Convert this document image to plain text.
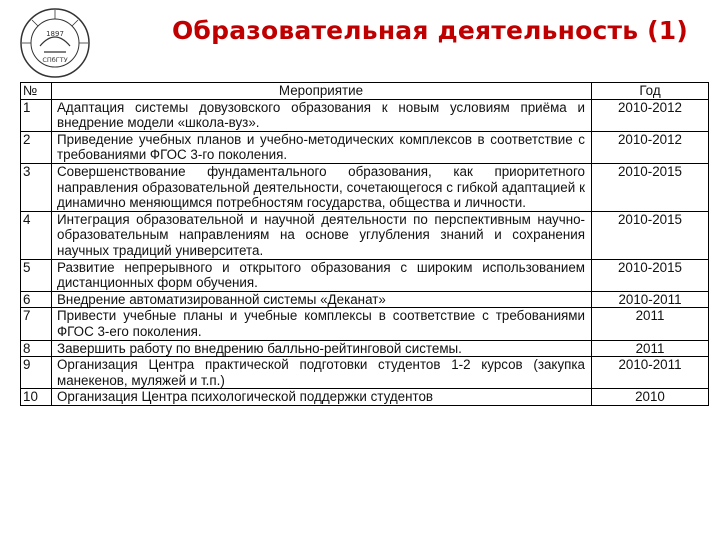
1897
СПбГТУ
Образовательная деятельность (1)
№	Мероприятие	Год
1	Адаптация системы довузовского образования к новым условиям приёма и внедрение модели «школа-вуз».	2010-2012
2	Приведение учебных планов и учебно-методических комплексов в соответствие с требованиями ФГОС 3-го поколения.	2010-2012
3	Совершенствование фундаментального образования, как приоритетного направления образовательной деятельности, сочетающегося с гибкой адаптацией к динамично меняющимся потребностям государства, общества и личности.	2010-2015
4	Интеграция образовательной и научной деятельности по перспективным научно-образовательным направлениям на основе углубления знаний и сохранения научных традиций университета.	2010-2015
5	Развитие непрерывного и открытого образования с широким использованием дистанционных форм обучения.	2010-2015
6	Внедрение автоматизированной системы «Деканат»	2010-2011
7	Привести учебные планы и учебные комплексы в соответствие с требованиями ФГОС 3-его поколения.	2011
8	Завершить работу по внедрению балльно-рейтинговой системы.	2011
9	Организация Центра практической подготовки студентов 1-2 курсов (закупка манекенов, муляжей и т.п.)	2010-2011
10	Организация Центра психологической поддержки студентов	2010
